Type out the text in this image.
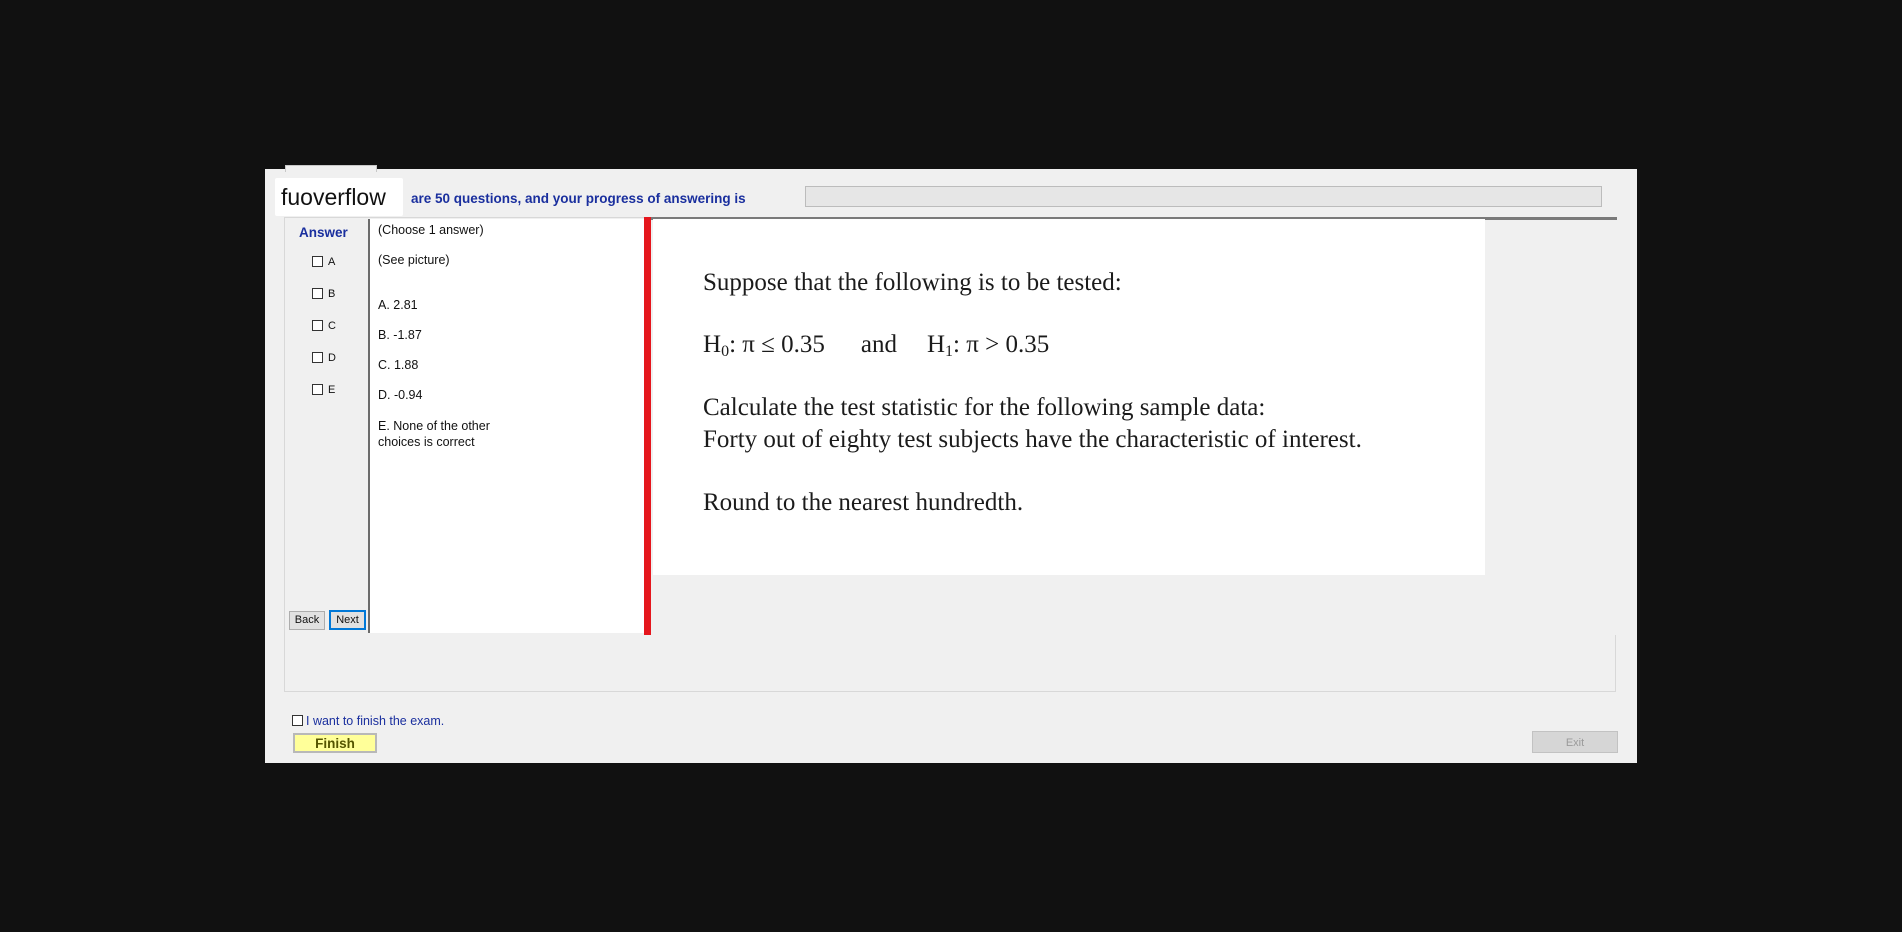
fuoverflow	are 50 questions, and your progress of answering is
Answer
A
B
C
D
E
Back	Next
(Choose 1 answer)
(See picture)
A. 2.81
B. -1.87
C. 1.88
D. -0.94
E. None of the other choices is correct
Suppose that the following is to be tested:
$H_0$: π ≤ 0.35 and $H_1$: π > 0.35
Calculate the test statistic for the following sample data:
Forty out of eighty test subjects have the characteristic of interest.
Round to the nearest hundredth.
I want to finish the exam.
Finish	Exit
